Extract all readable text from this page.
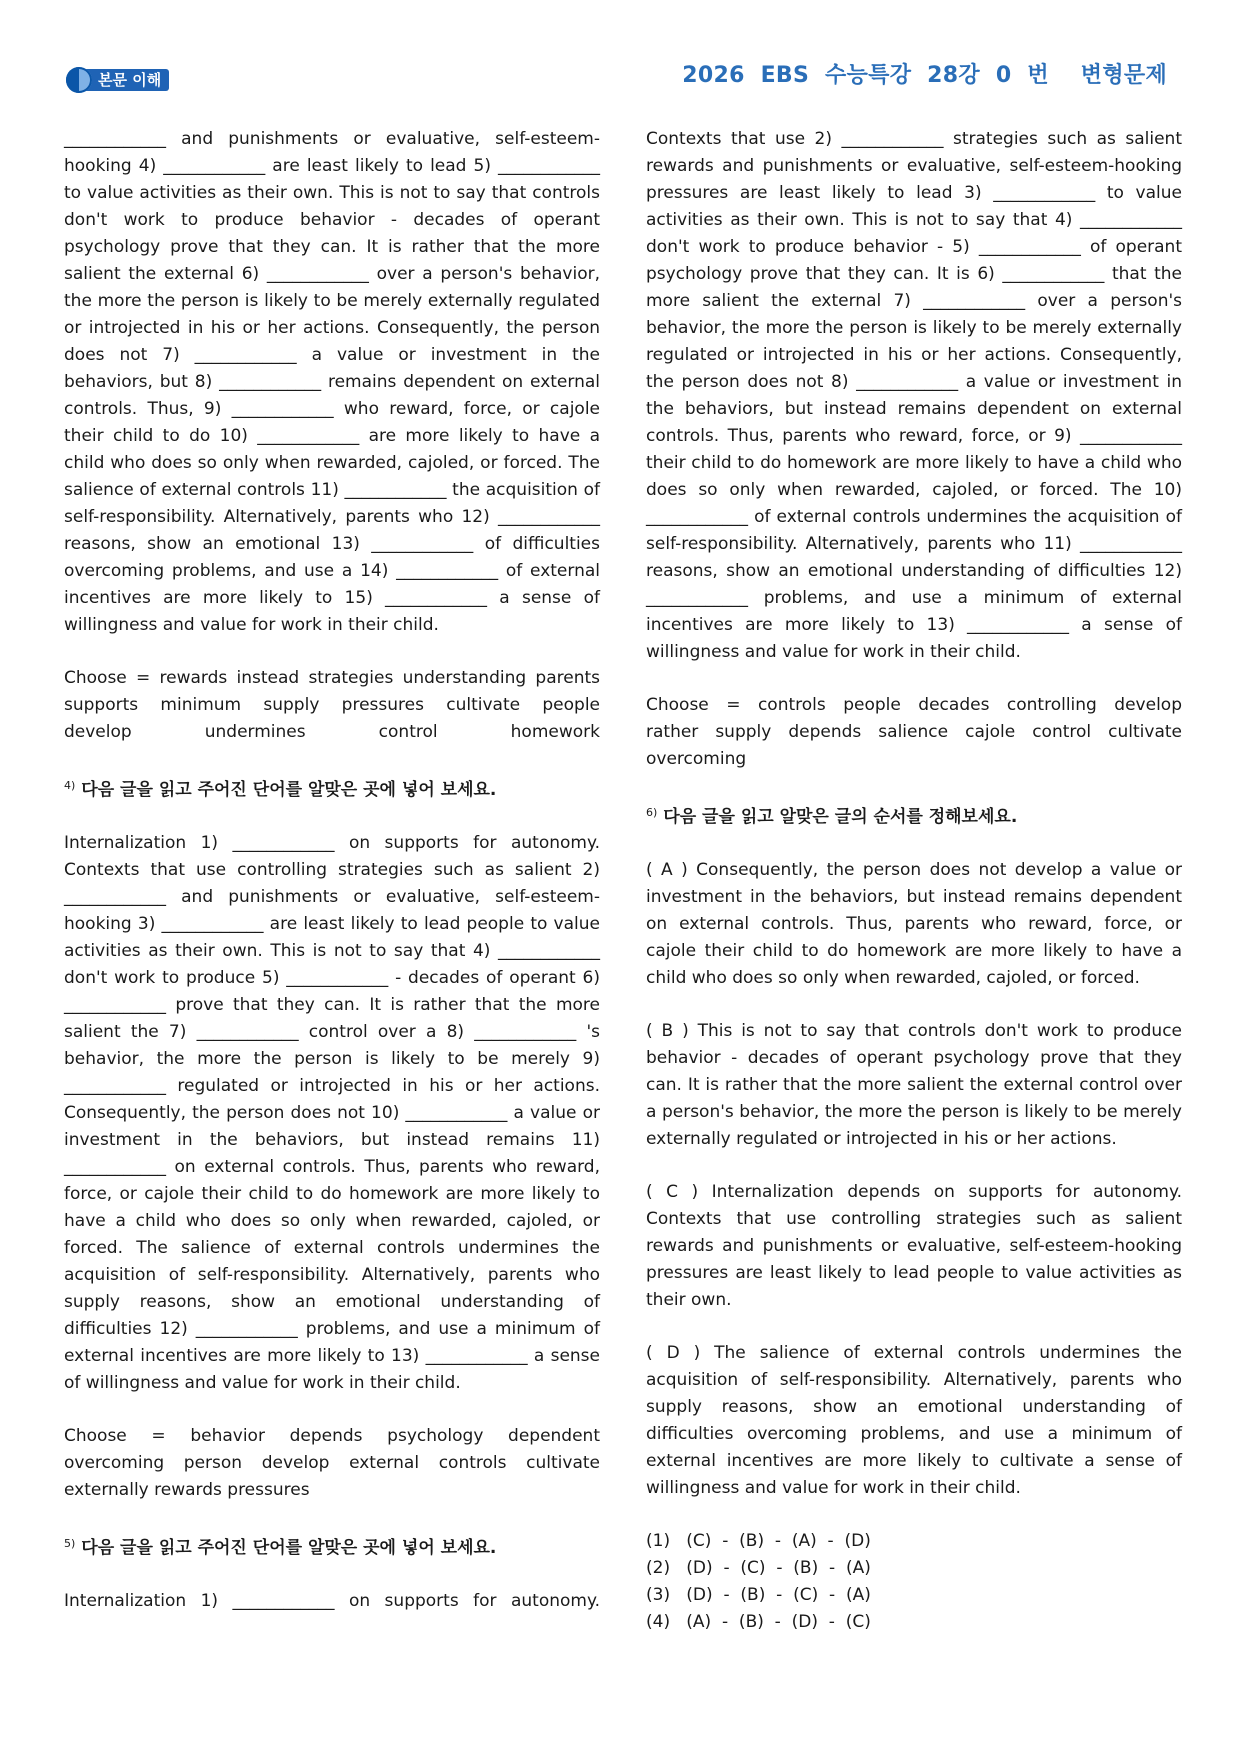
본문 이해	2026  EBS  수능특강  28강  0  번    변형문제

____________ and punishments or evaluative, self-esteem-hooking 4) ____________ are least likely to lead 5) ____________ to value activities as their own. This is not to say that controls don't work to produce behavior - decades of operant psychology prove that they can. It is rather that the more salient the external 6) ____________ over a person's behavior, the more the person is likely to be merely externally regulated or introjected in his or her actions. Consequently, the person does not 7) ____________ a value or investment in the behaviors, but 8) ____________ remains dependent on external controls. Thus, 9) ____________ who reward, force, or cajole their child to do 10) ____________ are more likely to have a child who does so only when rewarded, cajoled, or forced. The salience of external controls 11) ____________ the acquisition of self-responsibility. Alternatively, parents who 12) ____________ reasons, show an emotional 13) ____________ of difficulties overcoming problems, and use a 14) ____________ of external incentives are more likely to 15) ____________ a sense of willingness and value for work in their child.

Choose = rewards instead strategies understanding parents

supports minimum supply pressures cultivate people

develop undermines control homework

$^{4)}$ 다음 글을 읽고 주어진 단어를 알맞은 곳에 넣어 보세요.

Internalization 1) ____________ on supports for autonomy. Contexts that use controlling strategies such as salient 2) ____________ and punishments or evaluative, self-esteem-hooking 3) ____________ are least likely to lead people to value activities as their own. This is not to say that 4) ____________ don't work to produce 5) ____________ - decades of operant 6) ____________ prove that they can. It is rather that the more salient the 7) ____________ control over a 8) ____________ 's behavior, the more the person is likely to be merely 9) ____________ regulated or introjected in his or her actions. Consequently, the person does not 10) ____________ a value or investment in the behaviors, but instead remains 11) ____________ on external controls. Thus, parents who reward, force, or cajole their child to do homework are more likely to have a child who does so only when rewarded, cajoled, or forced. The salience of external controls undermines the acquisition of self-responsibility. Alternatively, parents who supply reasons, show an emotional understanding of difficulties 12) ____________ problems, and use a minimum of external incentives are more likely to 13) ____________ a sense of willingness and value for work in their child.

Choose = behavior depends psychology dependent

overcoming person develop external controls cultivate

externally rewards pressures

$^{5)}$ 다음 글을 읽고 주어진 단어를 알맞은 곳에 넣어 보세요.

Internalization 1) ____________ on supports for autonomy.

Contexts that use 2) ____________ strategies such as salient rewards and punishments or evaluative, self-esteem-hooking pressures are least likely to lead 3) ____________ to value activities as their own. This is not to say that 4) ____________ don't work to produce behavior - 5) ____________ of operant psychology prove that they can. It is 6) ____________ that the more salient the external 7) ____________ over a person's behavior, the more the person is likely to be merely externally regulated or introjected in his or her actions. Consequently, the person does not 8) ____________ a value or investment in the behaviors, but instead remains dependent on external controls. Thus, parents who reward, force, or 9) ____________ their child to do homework are more likely to have a child who does so only when rewarded, cajoled, or forced. The 10) ____________ of external controls undermines the acquisition of self-responsibility. Alternatively, parents who 11) ____________ reasons, show an emotional understanding of difficulties 12) ____________ problems, and use a minimum of external incentives are more likely to 13) ____________ a sense of willingness and value for work in their child.

Choose = controls people decades controlling develop

rather supply depends salience cajole control cultivate

overcoming

$^{6)}$ 다음 글을 읽고 알맞은 글의 순서를 정해보세요.

( A ) Consequently, the person does not develop a value or investment in the behaviors, but instead remains dependent on external controls. Thus, parents who reward, force, or cajole their child to do homework are more likely to have a child who does so only when rewarded, cajoled, or forced.

( B ) This is not to say that controls don't work to produce behavior - decades of operant psychology prove that they can. It is rather that the more salient the external control over a person's behavior, the more the person is likely to be merely externally regulated or introjected in his or her actions.

( C ) Internalization depends on supports for autonomy. Contexts that use controlling strategies such as salient rewards and punishments or evaluative, self-esteem-hooking pressures are least likely to lead people to value activities as their own.

( D ) The salience of external controls undermines the acquisition of self-responsibility. Alternatively, parents who supply reasons, show an emotional understanding of difficulties overcoming problems, and use a minimum of external incentives are more likely to cultivate a sense of willingness and value for work in their child.

(1)   (C)  -  (B)  -  (A)  -  (D)

(2)   (D)  -  (C)  -  (B)  -  (A)

(3)   (D)  -  (B)  -  (C)  -  (A)

(4)   (A)  -  (B)  -  (D)  -  (C)
